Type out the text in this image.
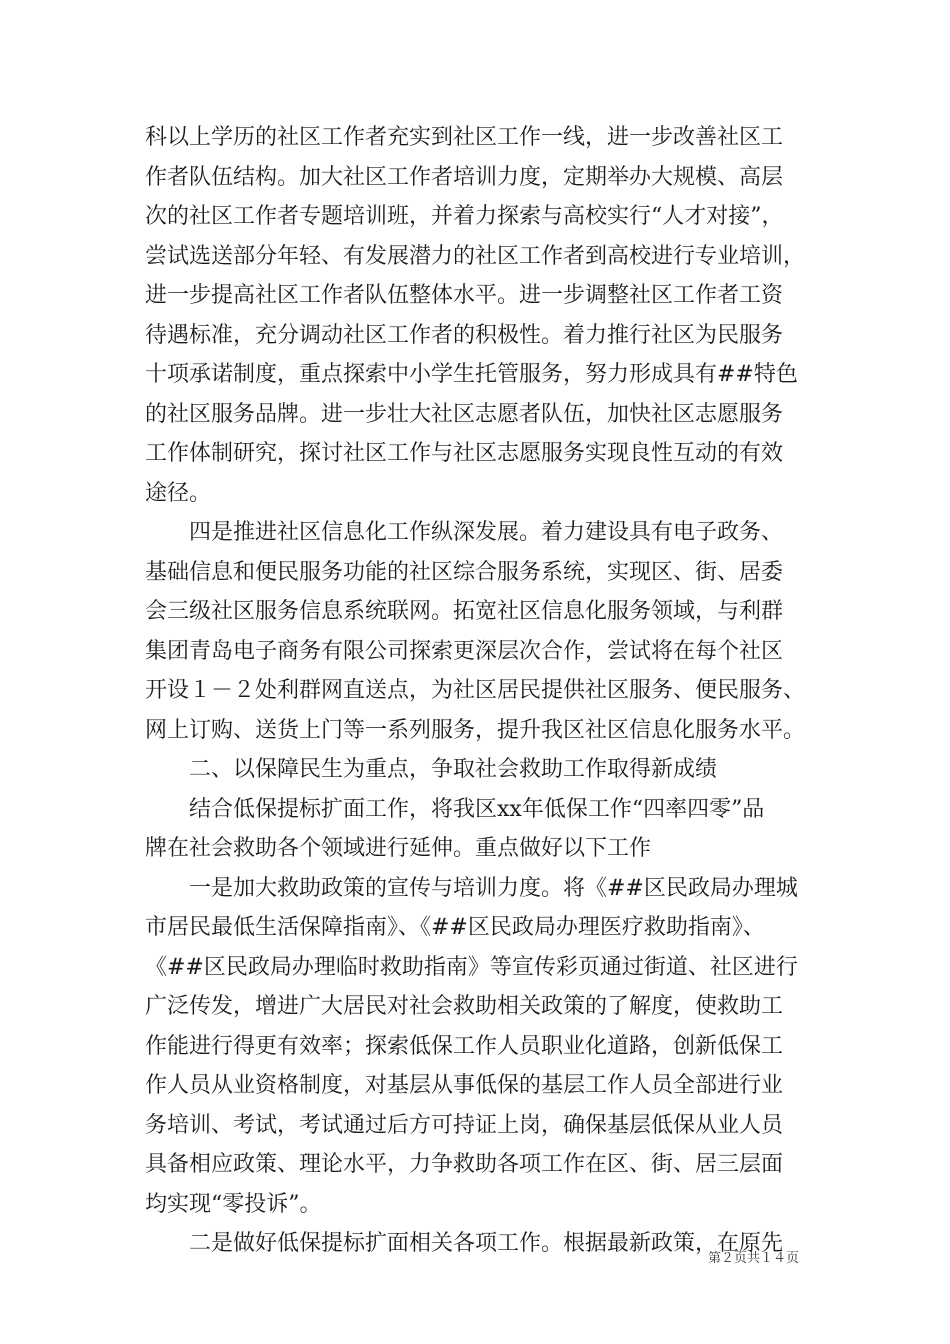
科以上学历的社区工作者充实到社区工作一线，进一步改善社区工
作者队伍结构。加大社区工作者培训力度，定期举办大规模、高层
次的社区工作者专题培训班，并着力探索与高校实行“人才对接”，
尝试选送部分年轻、有发展潜力的社区工作者到高校进行专业培训，
进一步提高社区工作者队伍整体水平。进一步调整社区工作者工资
待遇标准，充分调动社区工作者的积极性。着力推行社区为民服务
十项承诺制度，重点探索中小学生托管服务，努力形成具有##特色
的社区服务品牌。进一步壮大社区志愿者队伍，加快社区志愿服务
工作体制研究，探讨社区工作与社区志愿服务实现良性互动的有效
途径。
　　四是推进社区信息化工作纵深发展。着力建设具有电子政务、
基础信息和便民服务功能的社区综合服务系统，实现区、街、居委
会三级社区服务信息系统联网。拓宽社区信息化服务领域，与利群
集团青岛电子商务有限公司探索更深层次合作，尝试将在每个社区
开设１－２处利群网直送点，为社区居民提供社区服务、便民服务、
网上订购、送货上门等一系列服务，提升我区社区信息化服务水平。
　　二、以保障民生为重点，争取社会救助工作取得新成绩
　　结合低保提标扩面工作，将我区xx年低保工作“四率四零”品
牌在社会救助各个领域进行延伸。重点做好以下工作
　　一是加大救助政策的宣传与培训力度。将《##区民政局办理城
市居民最低生活保障指南》、《##区民政局办理医疗救助指南》、
《##区民政局办理临时救助指南》等宣传彩页通过街道、社区进行
广泛传发，增进广大居民对社会救助相关政策的了解度，使救助工
作能进行得更有效率；探索低保工作人员职业化道路，创新低保工
作人员从业资格制度，对基层从事低保的基层工作人员全部进行业
务培训、考试，考试通过后方可持证上岗，确保基层低保从业人员
具备相应政策、理论水平，力争救助各项工作在区、街、居三层面
均实现“零投诉”。
　　二是做好低保提标扩面相关各项工作。根据最新政策，在原先
第２页共１４页
